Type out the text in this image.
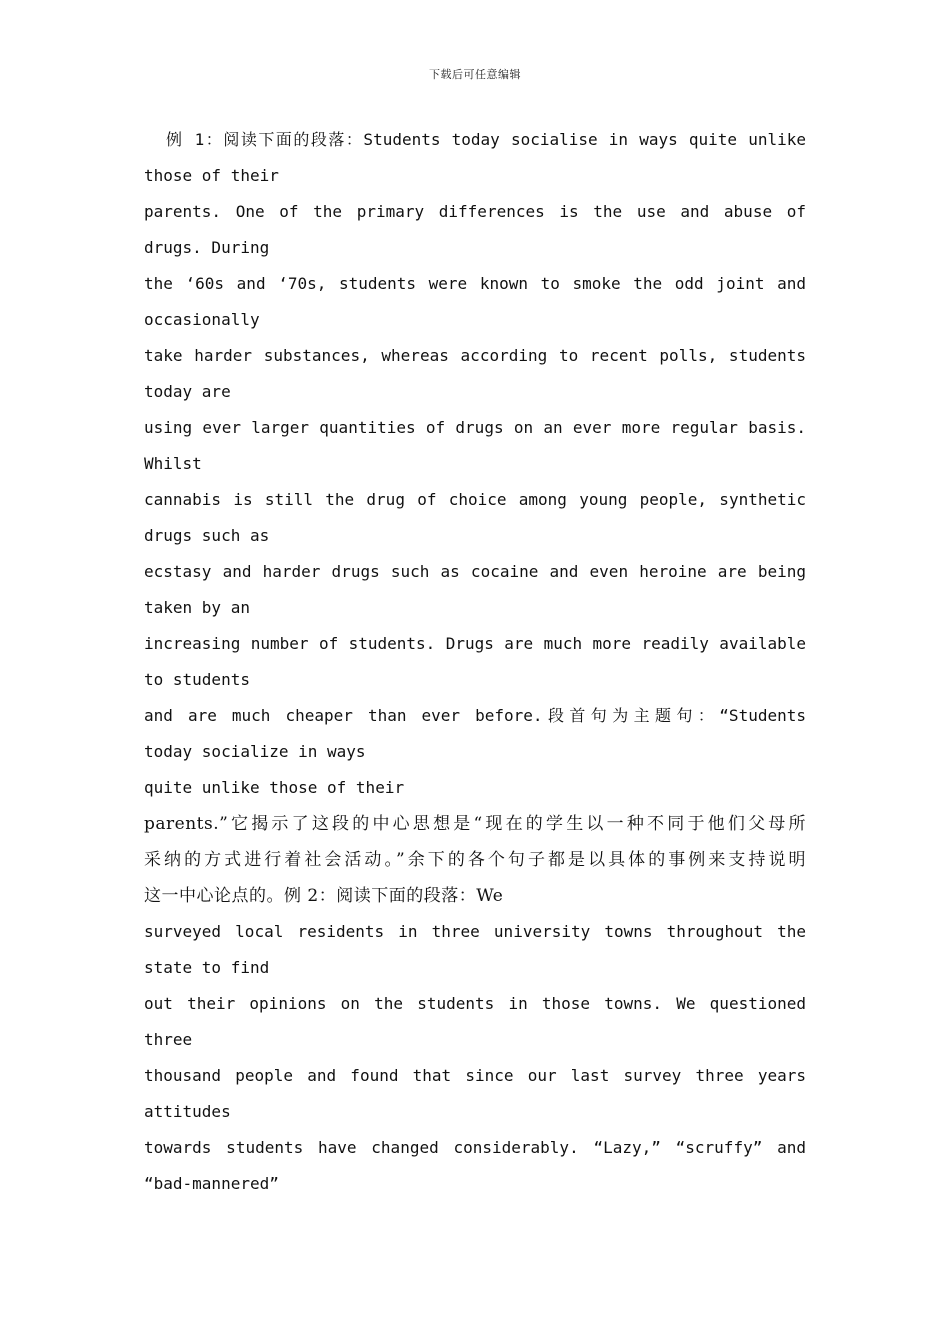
下载后可任意编辑
例 1：阅读下面的段落：Students today socialise in ways quite unlike
those of their
parents. One of the primary differences is the use and abuse of
drugs. During
the ‘60s and ‘70s, students were known to smoke the odd joint and
occasionally
take harder substances, whereas according to recent polls, students
today are
using ever larger quantities of drugs on an ever more regular basis.
Whilst
cannabis is still the drug of choice among young people, synthetic
drugs such as
ecstasy and harder drugs such as cocaine and even heroine are being
taken by an
increasing number of students. Drugs are much more readily available
to students
and are much cheaper than ever before.段首句为主题句：“Students
today socialize in ways
quite unlike those of their
parents.”它揭示了这段的中心思想是“现在的学生以一种不同于他们父母所
采纳的方式进行着社会活动。”余下的各个句子都是以具体的事例来支持说明
这一中心论点的。例 2：阅读下面的段落：We
surveyed local residents in three university towns throughout the
state to find
out their opinions on the students in those towns. We questioned
three
thousand people and found that since our last survey three years
attitudes
towards students have changed considerably. “Lazy,” “scruffy” and
“bad-mannered”
